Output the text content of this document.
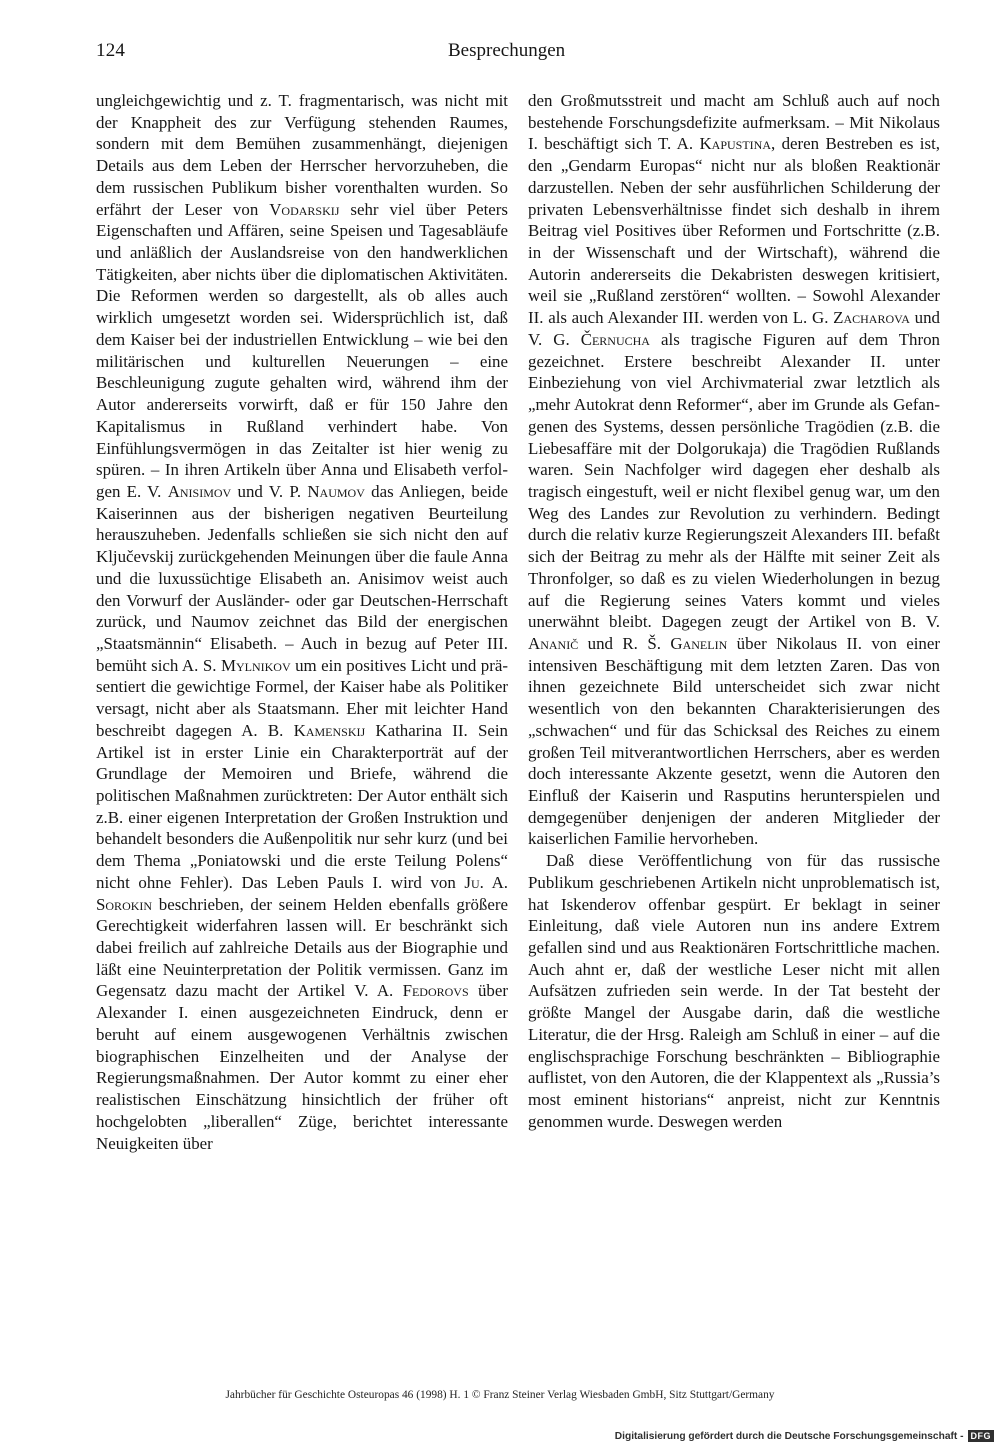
124	Besprechungen

ungleichgewichtig und z. T. fragmentarisch, was nicht mit der Knappheit des zur Verfügung stehenden Raumes, sondern mit dem Bemühen zusammenhängt, diejenigen Details aus dem Leben der Herrscher hervorzuheben, die dem russischen Publikum bisher vorenthalten wurden. So erfährt der Leser von Vodarskij sehr viel über Peters Eigenschaften und Affären, seine Speisen und Tagesabläufe und anläßlich der Auslandsreise von den handwerklichen Tätigkeiten, aber nichts über die diplomatischen Aktivitäten. Die Reformen werden so dargestellt, als ob alles auch wirklich umgesetzt worden sei. Widersprüchlich ist, daß dem Kaiser bei der industriellen Entwicklung – wie bei den militärischen und kulturellen Neuerungen – eine Beschleunigung zugute gehalten wird, während ihm der Autor andererseits vorwirft, daß er für 150 Jahre den Kapitalismus in Rußland verhindert habe. Von Einfühlungsvermögen in das Zeitalter ist hier wenig zu spüren. – In ihren Artikeln über Anna und Elisabeth verfolgen E. V. Anisimov und V. P. Naumov das Anliegen, beide Kaiserinnen aus der bisherigen negativen Beurteilung herauszuheben. Jedenfalls schließen sie sich nicht den auf Ključevskij zurückgehenden Meinungen über die faule Anna und die luxussüchtige Elisabeth an. Anisimov weist auch den Vorwurf der Ausländer- oder gar Deutschen-Herrschaft zurück, und Naumov zeichnet das Bild der energischen „Staatsmännin“ Elisabeth. – Auch in bezug auf Peter III. bemüht sich A. S. Mylnikov um ein positives Licht und präsentiert die gewichtige Formel, der Kaiser habe als Politiker versagt, nicht aber als Staatsmann. Eher mit leichter Hand beschreibt dagegen A. B. Kamenskij Katharina II. Sein Artikel ist in erster Linie ein Charakterporträt auf der Grundlage der Memoiren und Briefe, während die politischen Maßnahmen zurücktreten: Der Autor enthält sich z.B. einer eigenen Interpretation der Großen Instruktion und behandelt besonders die Außenpolitik nur sehr kurz (und bei dem Thema „Poniatowski und die erste Teilung Polens“ nicht ohne Fehler). Das Leben Pauls I. wird von Ju. A. Sorokin beschrieben, der seinem Helden ebenfalls größere Gerechtigkeit widerfahren lassen will. Er beschränkt sich dabei freilich auf zahlreiche Details aus der Biographie und läßt eine Neuinterpretation der Politik vermissen. Ganz im Gegensatz dazu macht der Artikel V. A. Fedorovs über Alexander I. einen ausgezeichneten Eindruck, denn er beruht auf einem ausgewogenen Verhältnis zwischen biographischen Einzelheiten und der Analyse der Regierungsmaßnahmen. Der Autor kommt zu einer eher realistischen Einschätzung hinsichtlich der früher oft hochgelobten „liberallen“ Züge, berichtet interessante Neuigkeiten über

den Großmutsstreit und macht am Schluß auch auf noch bestehende Forschungsdefizite aufmerksam. – Mit Nikolaus I. beschäftigt sich T. A. Kapustina, deren Bestreben es ist, den „Gendarm Europas“ nicht nur als bloßen Reaktionär darzustellen. Neben der sehr ausführlichen Schilderung der privaten Lebensverhältnisse findet sich deshalb in ihrem Beitrag viel Positives über Reformen und Fortschritte (z.B. in der Wissenschaft und der Wirtschaft), während die Autorin andererseits die Dekabristen deswegen kritisiert, weil sie „Rußland zerstören“ wollten. – Sowohl Alexander II. als auch Alexander III. werden von L. G. Zacharova und V. G. Černucha als tragische Figuren auf dem Thron gezeichnet. Erstere beschreibt Alexander II. unter Einbeziehung von viel Archivmaterial zwar letztlich als „mehr Autokrat denn Reformer“, aber im Grunde als Gefangenen des Systems, dessen persönliche Tragödien (z.B. die Liebesaffäre mit der Dolgorukaja) die Tragödien Rußlands waren. Sein Nachfolger wird dagegen eher deshalb als tragisch eingestuft, weil er nicht flexibel genug war, um den Weg des Landes zur Revolution zu verhindern. Bedingt durch die relativ kurze Regierungszeit Alexanders III. befaßt sich der Beitrag zu mehr als der Hälfte mit seiner Zeit als Thronfolger, so daß es zu vielen Wiederholungen in bezug auf die Regierung seines Vaters kommt und vieles unerwähnt bleibt. Dagegen zeugt der Artikel von B. V. Ananič und R. Š. Ganelin über Nikolaus II. von einer intensiven Beschäftigung mit dem letzten Zaren. Das von ihnen gezeichnete Bild unterscheidet sich zwar nicht wesentlich von den bekannten Charakterisierungen des „schwachen“ und für das Schicksal des Reiches zu einem großen Teil mitverantwortlichen Herrschers, aber es werden doch interessante Akzente gesetzt, wenn die Autoren den Einfluß der Kaiserin und Rasputins herunterspielen und demgegenüber denjenigen der anderen Mitglieder der kaiserlichen Familie hervorheben.

Daß diese Veröffentlichung von für das russische Publikum geschriebenen Artikeln nicht unproblematisch ist, hat Iskenderov offenbar gespürt. Er beklagt in seiner Einleitung, daß viele Autoren nun ins andere Extrem gefallen sind und aus Reaktionären Fortschrittliche machen. Auch ahnt er, daß der westliche Leser nicht mit allen Aufsätzen zufrieden sein werde. In der Tat besteht der größte Mangel der Ausgabe darin, daß die westliche Literatur, die der Hrsg. Raleigh am Schluß in einer – auf die englischsprachige Forschung beschränkten – Bibliographie auflistet, von den Autoren, die der Klappentext als „Russia’s most eminent historians“ anpreist, nicht zur Kenntnis genommen wurde. Deswegen werden

Jahrbücher für Geschichte Osteuropas 46 (1998) H. 1 © Franz Steiner Verlag Wiesbaden GmbH, Sitz Stuttgart/Germany
Digitalisierung gefördert durch die Deutsche Forschungsgemeinschaft - DFG
